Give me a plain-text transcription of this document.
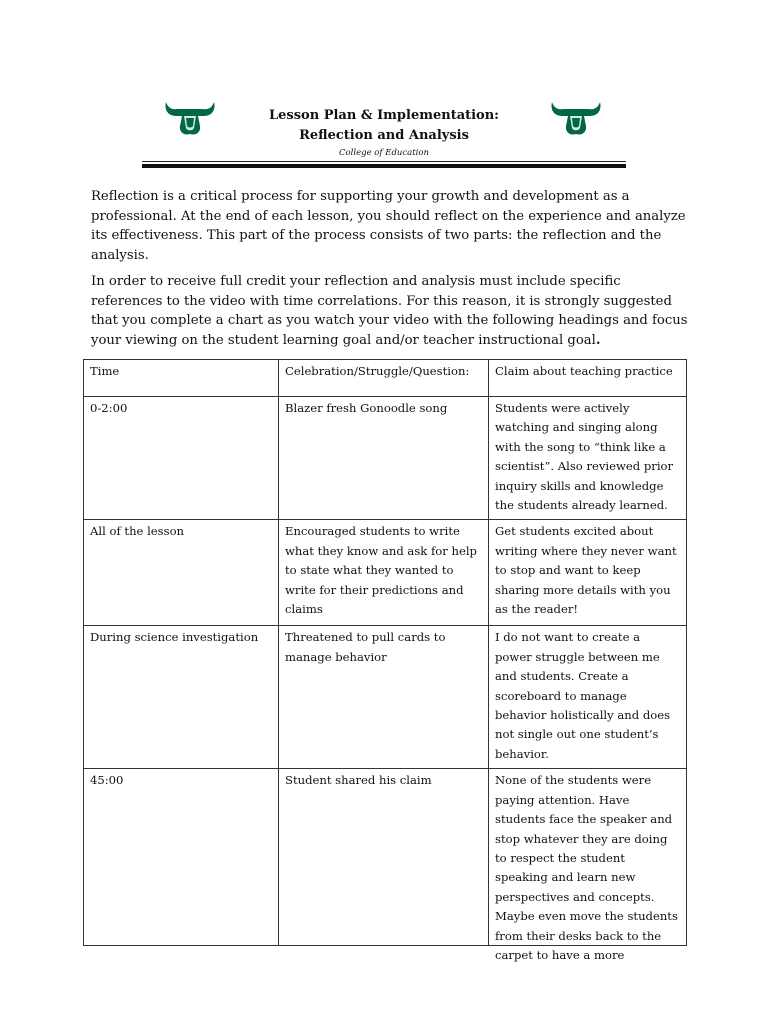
Lesson Plan & Implementation:
Reflection and Analysis
College of Education
Reflection is a critical process for supporting your growth and development as a professional. At the end of each lesson, you should reflect on the experience and analyze its effectiveness. This part of the process consists of two parts: the reflection and the analysis.
In order to receive full credit your reflection and analysis must include specific references to the video with time correlations. For this reason, it is strongly suggested that you complete a chart as you watch your video with the following headings and focus your viewing on the student learning goal and/or teacher instructional goal.
Time	Celebration/Struggle/Question:	Claim about teaching practice
0-2:00	Blazer fresh Gonoodle song	Students were actively watching and singing along with the song to “think like a scientist”. Also reviewed prior inquiry skills and knowledge the students already learned.
All of the lesson	Encouraged students to write what they know and ask for help to state what they wanted to write for their predictions and claims	Get students excited about writing where they never want to stop and want to keep sharing more details with you as the reader!
During science investigation	Threatened to pull cards to manage behavior	I do not want to create a power struggle between me and students. Create a scoreboard to manage behavior holistically and does not single out one student’s behavior.
45:00	Student shared his claim	None of the students were paying attention. Have students face the speaker and stop whatever they are doing to respect the student speaking and learn new perspectives and concepts. Maybe even move the students from their desks back to the carpet to have a more
